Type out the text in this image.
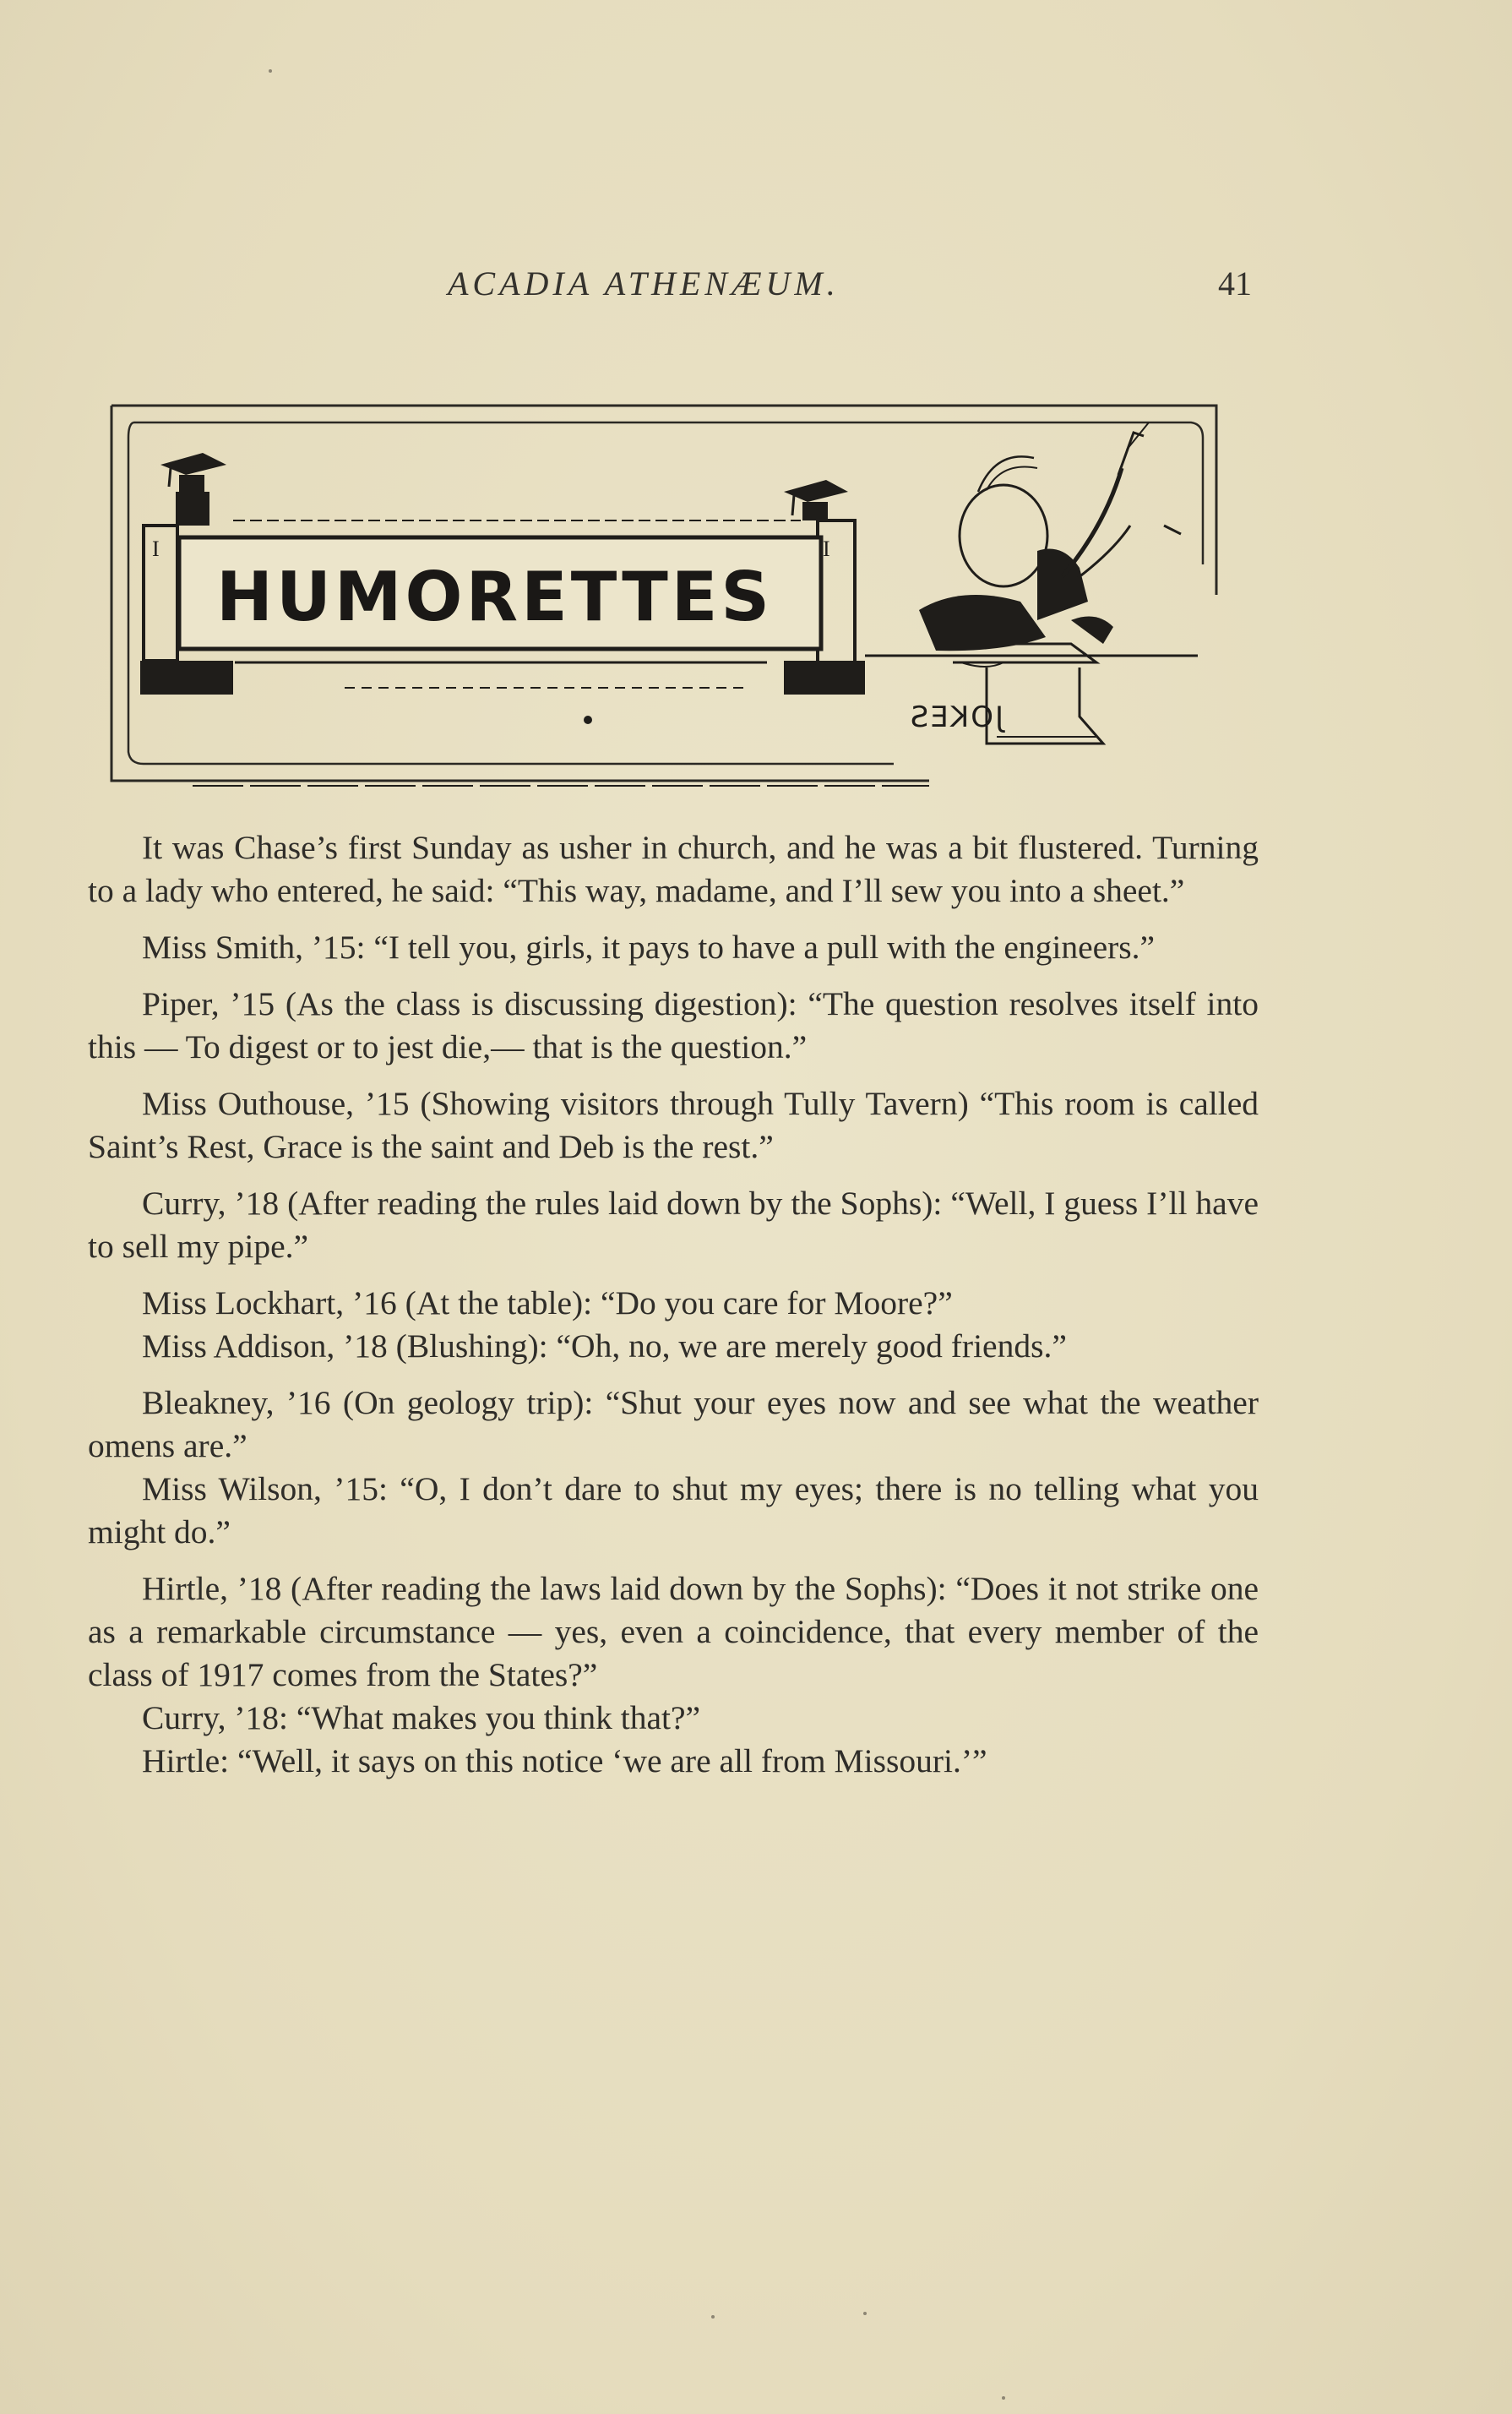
ACADIA ATHENÆUM.	41
I	I
HUMORETTES
JOKES

It was Chase’s first Sunday as usher in church, and he was a bit flustered. Turning to a lady who entered, he said: “This way, madame, and I’ll sew you into a sheet.”

Miss Smith, ’15: “I tell you, girls, it pays to have a pull with the engineers.”

Piper, ’15 (As the class is discussing digestion): “The question resolves itself into this — To digest or to jest die,— that is the question.”

Miss Outhouse, ’15 (Showing visitors through Tully Tavern) “This room is called Saint’s Rest, Grace is the saint and Deb is the rest.”

Curry, ’18 (After reading the rules laid down by the Sophs): “Well, I guess I’ll have to sell my pipe.”

Miss Lockhart, ’16 (At the table): “Do you care for Moore?”

Miss Addison, ’18 (Blushing): “Oh, no, we are merely good friends.”

Bleakney, ’16 (On geology trip): “Shut your eyes now and see what the weather omens are.”

Miss Wilson, ’15: “O, I don’t dare to shut my eyes; there is no telling what you might do.”

Hirtle, ’18 (After reading the laws laid down by the Sophs): “Does it not strike one as a remarkable circumstance — yes, even a coincidence, that every member of the class of 1917 comes from the States?”

Curry, ’18: “What makes you think that?”

Hirtle: “Well, it says on this notice ‘we are all from Missouri.’”
